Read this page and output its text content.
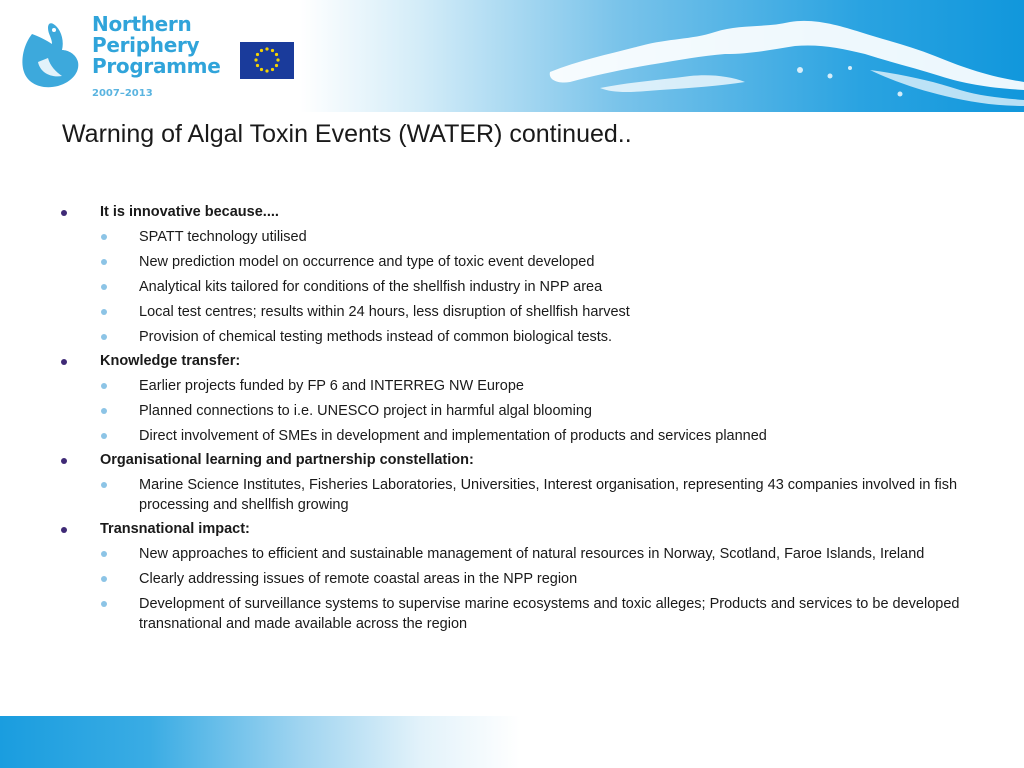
Northern
Periphery
Programme
2007–2013
Warning of Algal Toxin Events (WATER) continued..
It is innovative because....
SPATT technology utilised
New prediction model on occurrence and type of toxic event developed
Analytical kits tailored for conditions of the shellfish industry in NPP area
Local test centres; results within 24 hours, less disruption of shellfish harvest
Provision of chemical testing methods instead of common biological tests.
Knowledge transfer:
Earlier projects funded by FP 6 and INTERREG NW Europe
Planned connections to i.e. UNESCO project in harmful algal blooming
Direct involvement of SMEs in development and implementation of products and services planned
Organisational learning and partnership constellation:
Marine Science Institutes, Fisheries Laboratories, Universities, Interest organisation, representing 43 companies involved in fish processing and shellfish growing
Transnational impact:
New approaches to efficient and sustainable management of natural resources in Norway, Scotland, Faroe Islands, Ireland
Clearly addressing issues of remote coastal areas in the NPP region
Development of surveillance systems to supervise marine ecosystems and toxic alleges; Products and services to be developed transnational and made available across the region
